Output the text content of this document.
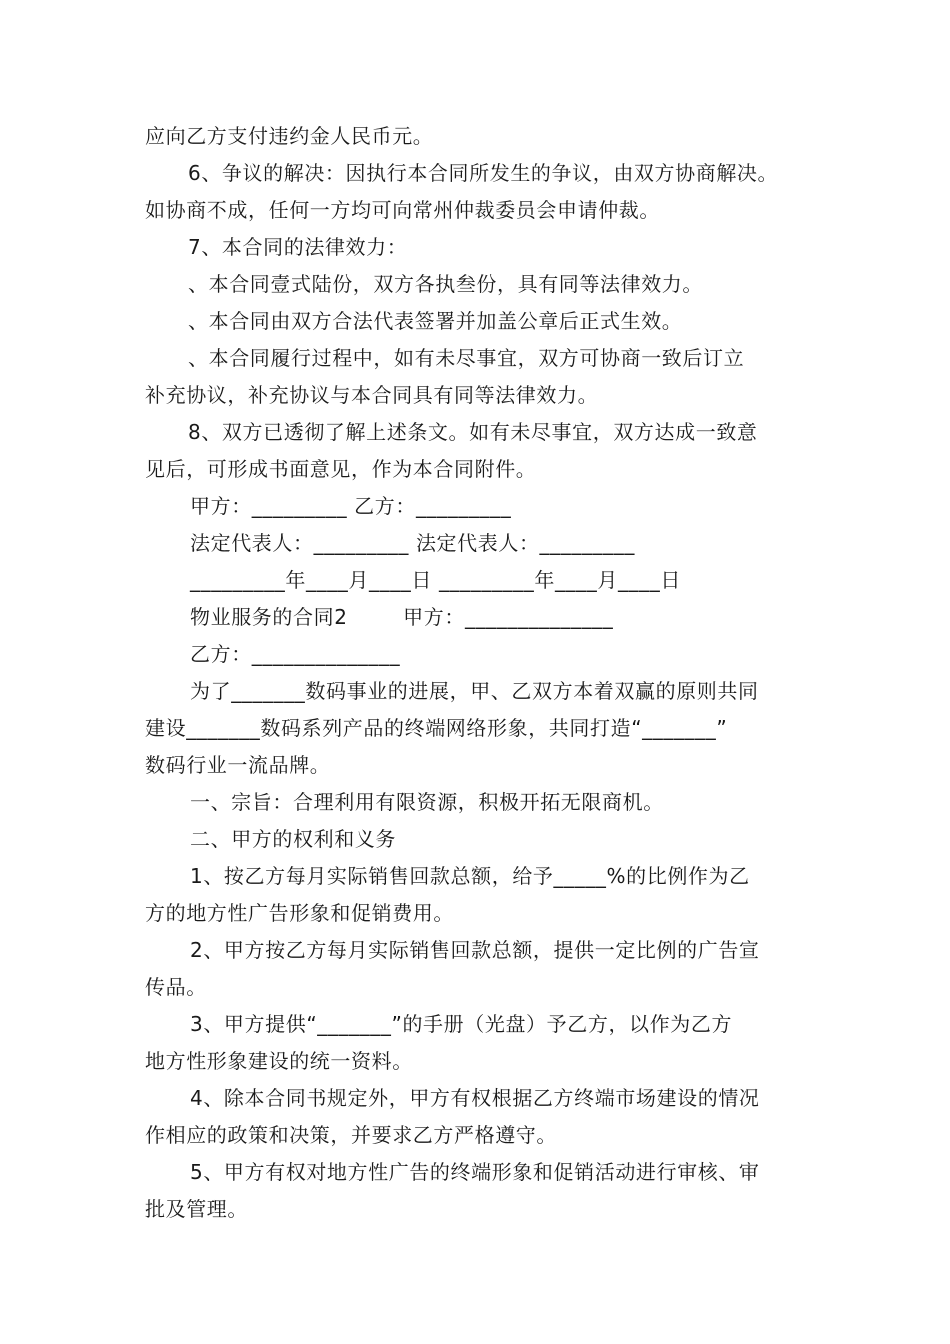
应向乙方支付违约金人民币元。

6、争议的解决：因执行本合同所发生的争议，由双方协商解决。

如协商不成，任何一方均可向常州仲裁委员会申请仲裁。

7、本合同的法律效力：

、本合同壹式陆份，双方各执叁份，具有同等法律效力。

、本合同由双方合法代表签署并加盖公章后正式生效。

、本合同履行过程中，如有未尽事宜，双方可协商一致后订立

补充协议，补充协议与本合同具有同等法律效力。

8、双方已透彻了解上述条文。如有未尽事宜，双方达成一致意

见后，可形成书面意见，作为本合同附件。

甲方：_________ 乙方：_________

法定代表人：_________ 法定代表人：_________

_________年____月____日 _________年____月____日

物业服务的合同2        甲方：______________

乙方：______________

为了_______数码事业的进展，甲、乙双方本着双赢的原则共同

建设_______数码系列产品的终端网络形象，共同打造“_______”

数码行业一流品牌。

一、宗旨：合理利用有限资源，积极开拓无限商机。

二、甲方的权利和义务

1、按乙方每月实际销售回款总额，给予_____%的比例作为乙

方的地方性广告形象和促销费用。

2、甲方按乙方每月实际销售回款总额，提供一定比例的广告宣

传品。

3、甲方提供“_______”的手册（光盘）予乙方，以作为乙方

地方性形象建设的统一资料。

4、除本合同书规定外，甲方有权根据乙方终端市场建设的情况

作相应的政策和决策，并要求乙方严格遵守。

5、甲方有权对地方性广告的终端形象和促销活动进行审核、审

批及管理。
